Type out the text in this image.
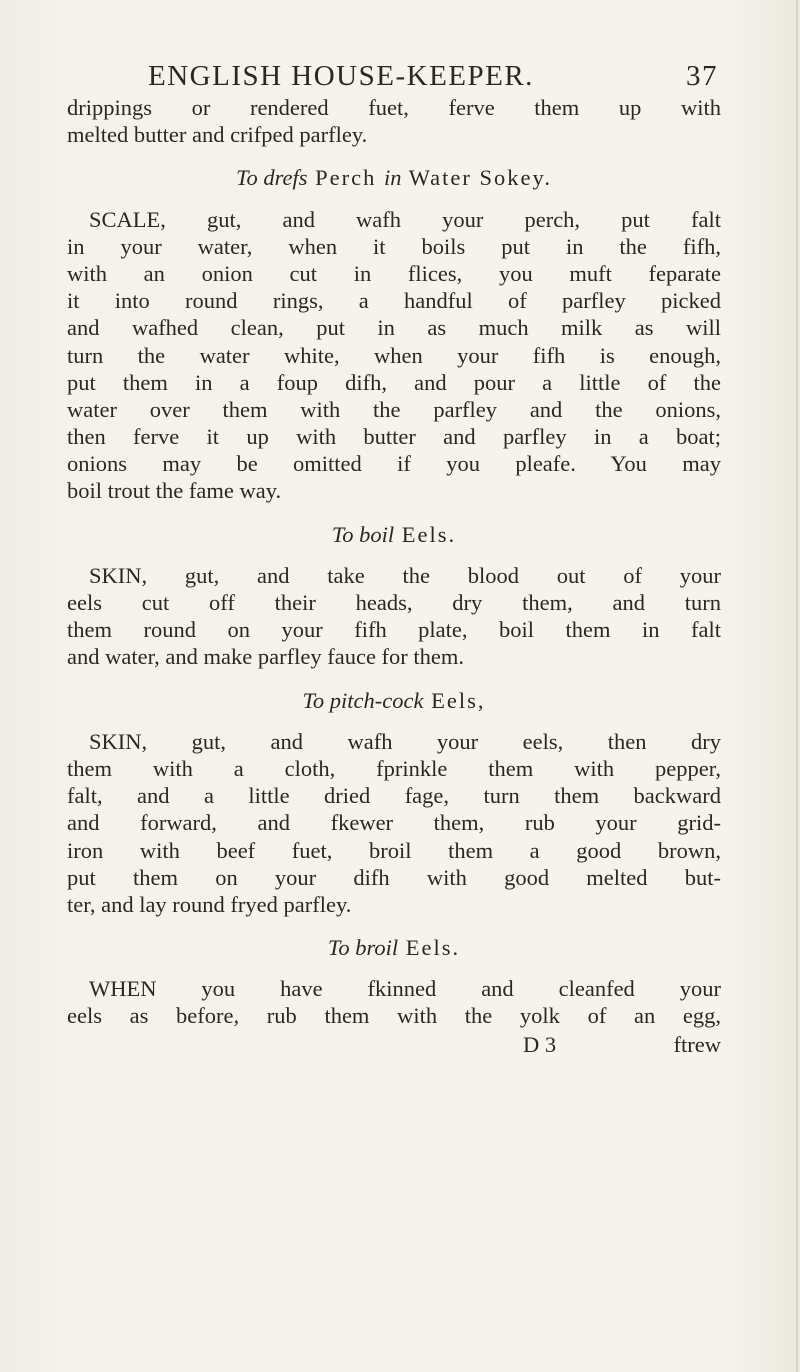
ENGLISH HOUSE-KEEPER.	37
drippings or rendered fuet, ferve them up with
melted butter and crifped parfley.
To drefs Perch in Water Sokey.
SCALE, gut, and wafh your perch, put falt
in your water, when it boils put in the fifh,
with an onion cut in flices, you muft feparate
it into round rings, a handful of parfley picked
and wafhed clean, put in as much milk as will
turn the water white, when your fifh is enough,
put them in a foup difh, and pour a little of the
water over them with the parfley and the onions,
then ferve it up with butter and parfley in a boat;
onions may be omitted if you pleafe. You may
boil trout the fame way.
To boil Eels.
SKIN, gut, and take the blood out of your
eels cut off their heads, dry them, and turn
them round on your fifh plate, boil them in falt
and water, and make parfley fauce for them.
To pitch-cock Eels,
SKIN, gut, and wafh your eels, then dry
them with a cloth, fprinkle them with pepper,
falt, and a little dried fage, turn them backward
and forward, and fkewer them, rub your grid-
iron with beef fuet, broil them a good brown,
put them on your difh with good melted but-
ter, and lay round fryed parfley.
To broil Eels.
WHEN you have fkinned and cleanfed your
eels as before, rub them with the yolk of an egg,
D 3	ftrew
